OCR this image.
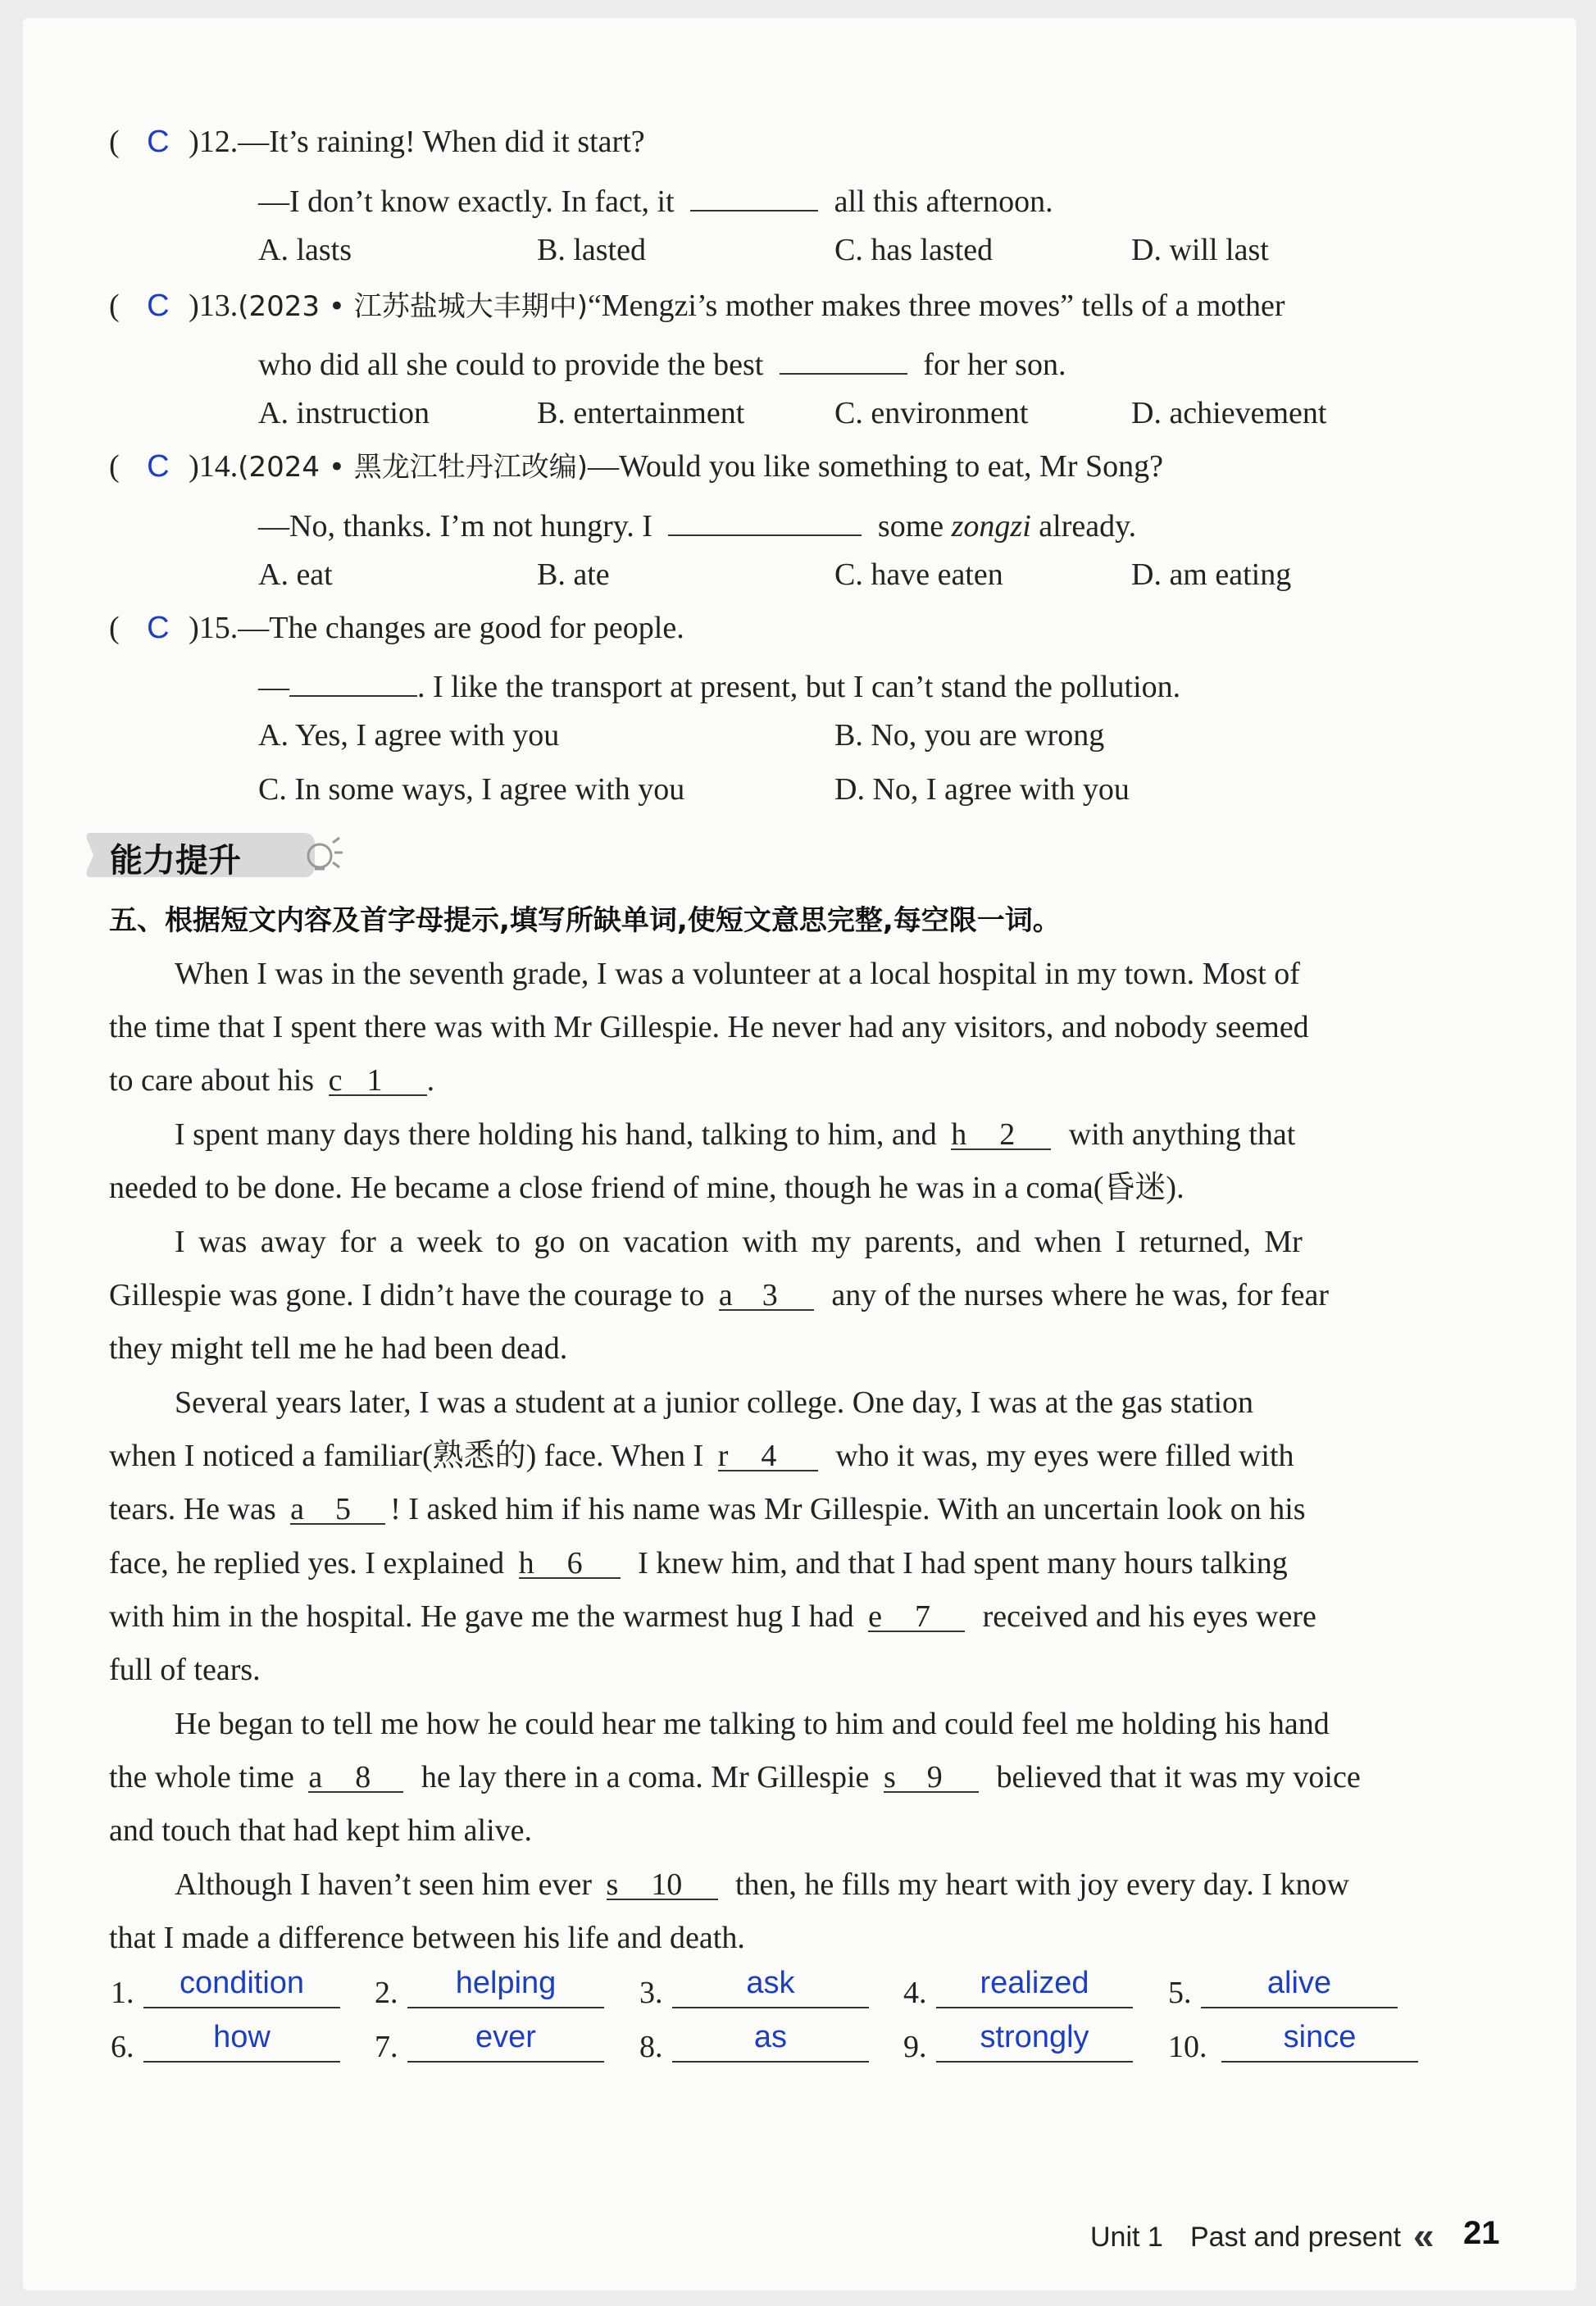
( C )12.—It’s raining! When did it start?
—I don’t know exactly. In fact, it	all this afternoon.
A. lasts	B. lasted	C. has lasted	D. will last
( C )13.(2023 • 江苏盐城大丰期中)“Mengzi’s mother makes three moves” tells of a mother
who did all she could to provide the best	for her son.
A. instruction	B. entertainment	C. environment	D. achievement
( C )14.(2024 • 黑龙江牡丹江改编)—Would you like something to eat, Mr Song?
—No, thanks. I’m not hungry. I	some zongzi already.
A. eat	B. ate	C. have eaten	D. am eating
( C )15.—The changes are good for people.
—	. I like the transport at present, but I can’t stand the pollution.
A. Yes, I agree with you	B. No, you are wrong
C. In some ways, I agree with you	D. No, I agree with you
能力提升
五、根据短文内容及首字母提示,填写所缺单词,使短文意思完整,每空限一词。
When I was in the seventh grade, I was a volunteer at a local hospital in my town. Most of
the time that I spent there was with Mr Gillespie. He never had any visitors, and nobody seemed
to care about his c 1 .
I spent many days there holding his hand, talking to him, and h 2 with anything that
needed to be done. He became a close friend of mine, though he was in a coma(昏迷).
I was away for a week to go on vacation with my parents, and when I returned, Mr
Gillespie was gone. I didn’t have the courage to a 3 any of the nurses where he was, for fear
they might tell me he had been dead.
Several years later, I was a student at a junior college. One day, I was at the gas station
when I noticed a familiar(熟悉的) face. When I r 4 who it was, my eyes were filled with
tears. He was a 5 ! I asked him if his name was Mr Gillespie. With an uncertain look on his
face, he replied yes. I explained h 6 I knew him, and that I had spent many hours talking
with him in the hospital. He gave me the warmest hug I had e 7 received and his eyes were
full of tears.
He began to tell me how he could hear me talking to him and could feel me holding his hand
the whole time a 8 he lay there in a coma. Mr Gillespie s 9 believed that it was my voice
and touch that had kept him alive.
Although I haven’t seen him ever s 10 then, he fills my heart with joy every day. I know
that I made a difference between his life and death.
1.	condition	2.	helping	3.	ask	4.	realized	5.	alive
6.	how	7.	ever	8.	as	9.	strongly	10.	since
Unit 1 Past and present « 21
